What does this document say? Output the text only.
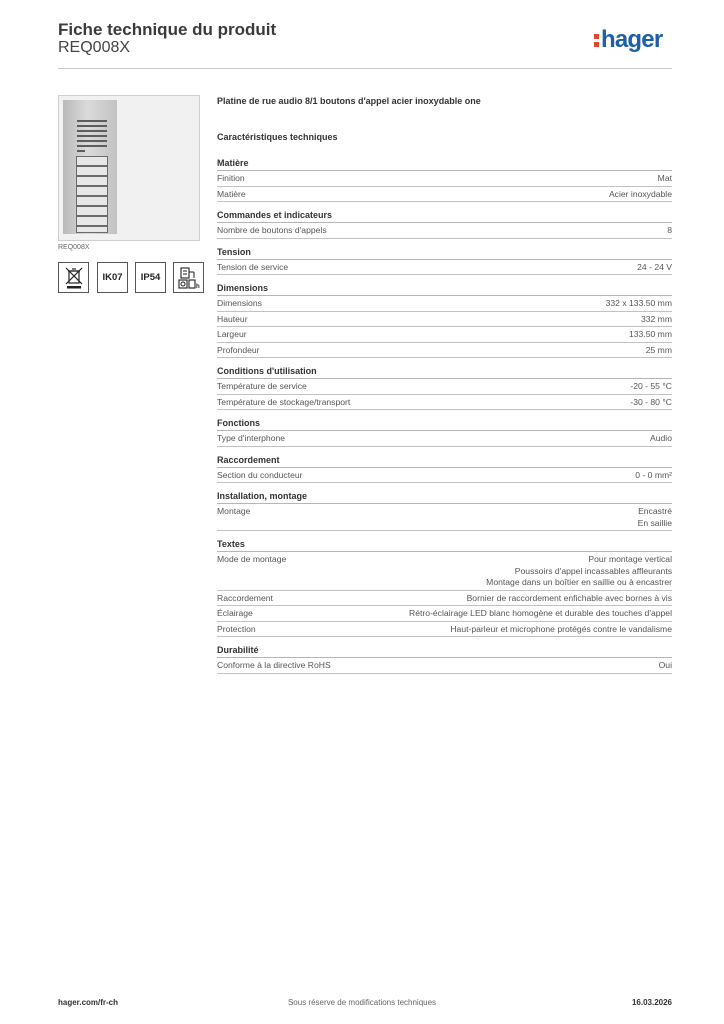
Fiche technique du produit
REQ008X	hager
REQ008X
IK07	IP54
h
Platine de rue audio 8/1 boutons d'appel acier inoxydable one
Caractéristiques techniques
Matière
Finition	Mat
Matière	Acier inoxydable
Commandes et indicateurs
Nombre de boutons d'appels	8
Tension
Tension de service	24 - 24 V
Dimensions
Dimensions	332 x 133.50 mm
Hauteur	332 mm
Largeur	133.50 mm
Profondeur	25 mm
Conditions d'utilisation
Température de service	-20 - 55 °C
Température de stockage/transport	-30 - 80 °C
Fonctions
Type d'interphone	Audio
Raccordement
Section du conducteur	0 - 0 mm²
Installation, montage
Montage	Encastré
En saillie
Textes
Mode de montage	Pour montage vertical
Poussoirs d'appel incassables affleurants
Montage dans un boîtier en saillie ou à encastrer
Raccordement	Bornier de raccordement enfichable avec bornes à vis
Éclairage	Rétro-éclairage LED blanc homogène et durable des touches d'appel
Protection	Haut-parleur et microphone protégés contre le vandalisme
Durabilité
Conforme à la directive RoHS	Oui
hager.com/fr-ch	Sous réserve de modifications techniques	16.03.2026
